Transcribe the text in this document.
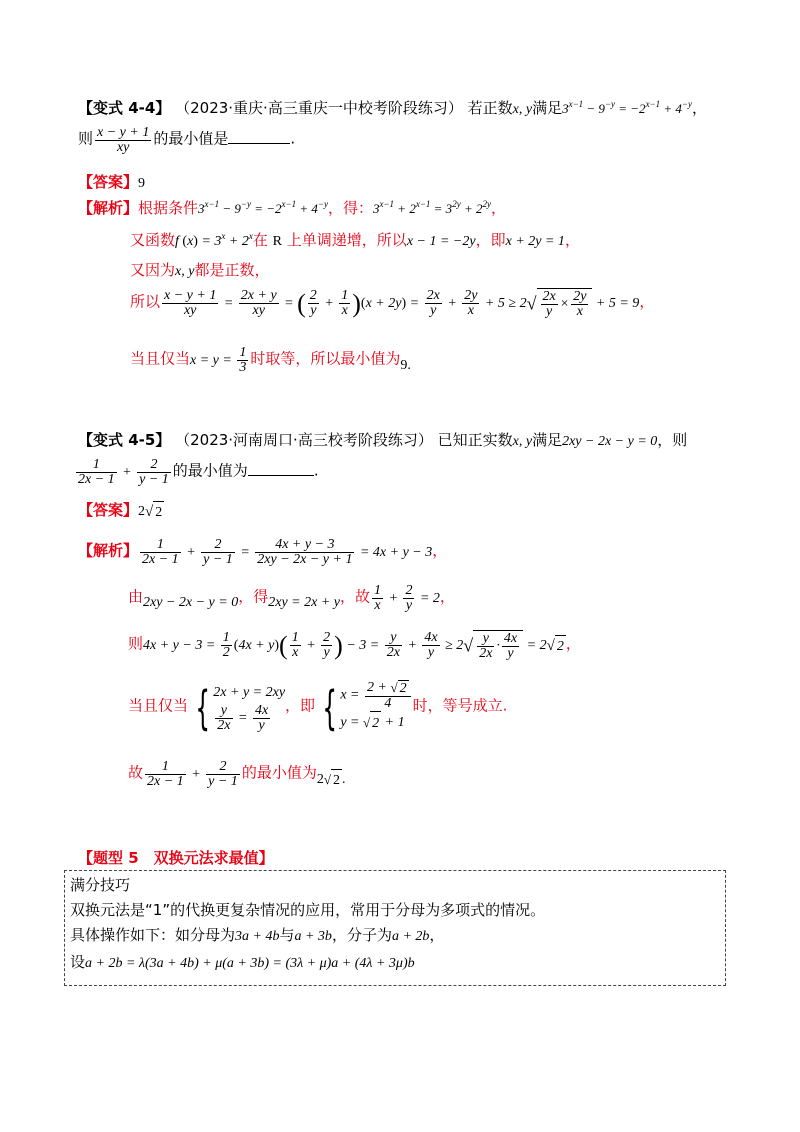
【变式 4-4】 （2023·重庆·高三重庆一中校考阶段练习） 若正数x, y满足$3^{x-1} - 9^{-y} = -2^{x-1} + 4^{-y}$，
则 $\frac{x - y + 1}{xy}$ 的最小值是	.
【答案】9
【解析】根据条件$3^{x-1} - 9^{-y} = -2^{x-1} + 4^{-y}$，得：$3^{x-1} + 2^{x-1} = 3^{2y} + 2^{2y}$，
又函数f $(x) = 3^x + 2^x$在 R 上单调递增，所以x − 1 = −2y，即x + 2y = 1，
又因为x, y都是正数，
所以 $\frac{x - y + 1}{xy} = \frac{2x + y}{xy}$ = ( $\frac{2}{y} + \frac{1}{x} )(x + 2y) = \frac{2x}{y} + \frac{2y}{x} + 5 \ge 2√ \frac{2x}{y} \times \frac{2y}{x} + 5 = 9$，
当且仅当$x = y = \frac{1}{3}$ 时取等，所以最小值为9.
【变式 4-5】 （2023·河南周口·高三校考阶段练习） 已知正实数x, y满足2xy − 2x − y = 0，则
$\frac{1}{2x - 1} + \frac{2}{y - 1}$ 的最小值为	.
【答案】2√ 2
【解析】 $\frac{1}{2x - 1} + \frac{2}{y - 1} = \frac{4x + y - 3}{2xy - 2x - y + 1} = 4x + y - 3$，
由2xy − 2x − y = 0，得2xy = 2x + y，故 $\frac{1}{x} + \frac{2}{y} = 2$，
则$4x + y - 3 = \frac{1}{2} (4x + y)( \frac{1}{x} + \frac{2}{y}$ ) − $3 = \frac{y}{2x} + \frac{4x}{y} \ge 2√ \frac{y}{2x} \cdot \frac{4x}{y} = 2√$ 2 ，
当且仅当 { 2x + y = 2xy
$\frac{y}{2x} = \frac{4x}{y}$ ，即 { $x = \frac{2 + √ 2}{4}$
y = √ 2 + 1
时，等号成立.
故 $\frac{1}{2x - 1} + \frac{2}{y - 1}$ 的最小值为2√ 2 .
【题型 5　双换元法求最值】
满分技巧
双换元法是“1”的代换更复杂情况的应用，常用于分母为多项式的情况。
具体操作如下：如分母为3a + 4b与a + 3b，分子为a + 2b，
设a + 2b = λ(3a + 4b) + μ(a + 3b) = (3λ + μ)a + (4λ + 3μ)b
